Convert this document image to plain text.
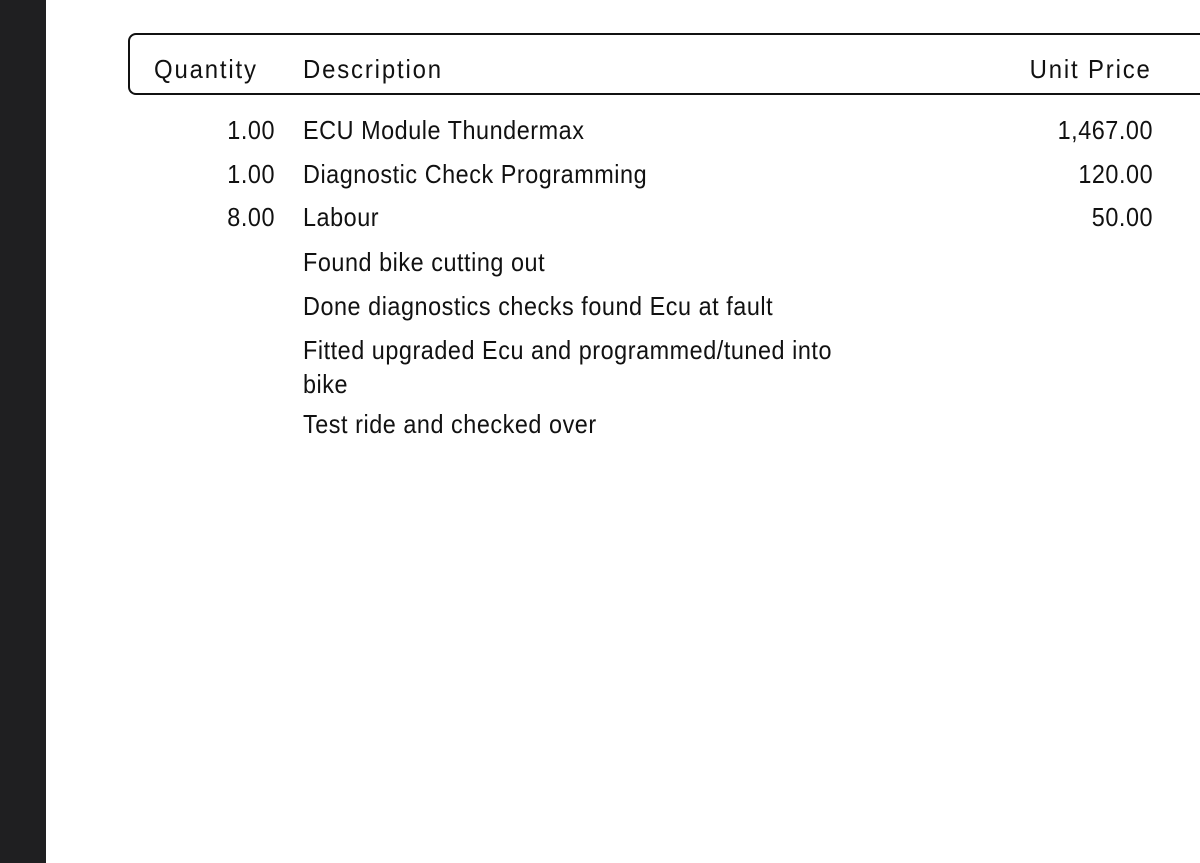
Quantity Description	Unit Price
1.00 ECU Module Thundermax	1,467.00
1.00 Diagnostic Check Programming	120.00
8.00 Labour	50.00
Found bike cutting out
Done diagnostics checks found Ecu at fault
Fitted upgraded Ecu and programmed/tuned into
bike
Test ride and checked over
